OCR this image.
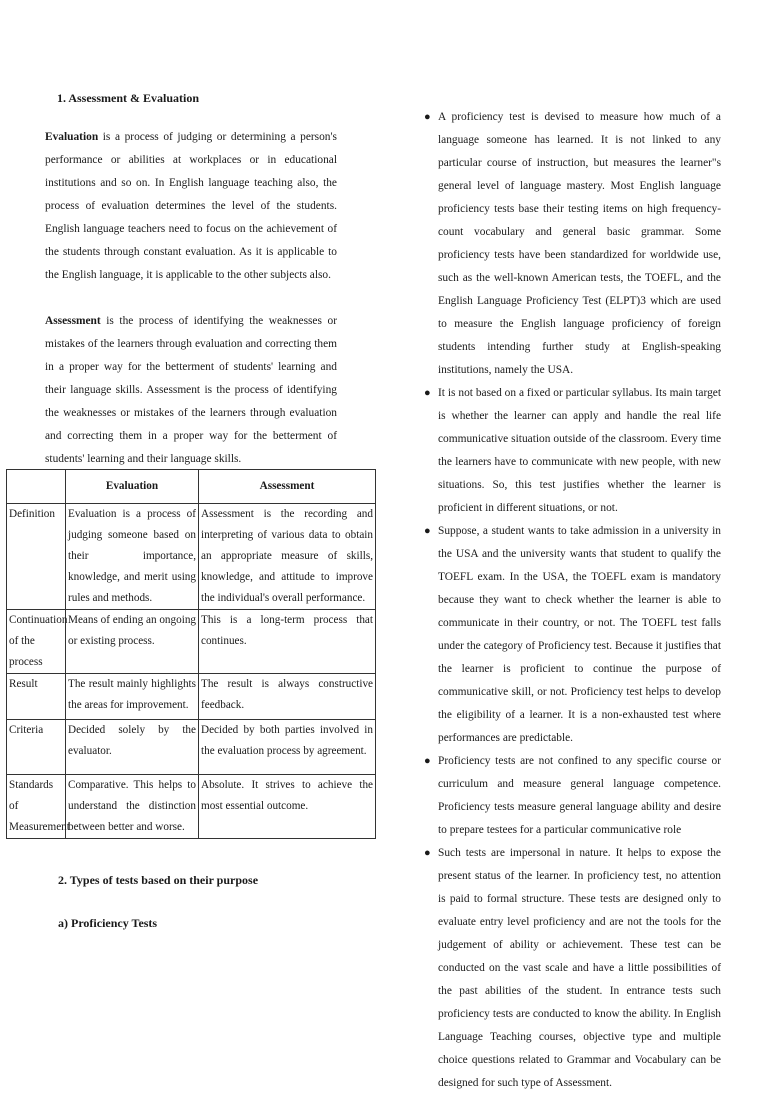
1. Assessment & Evaluation

Evaluation is a process of judging or determining a person's performance or abilities at workplaces or in educational institutions and so on. In English language teaching also, the process of evaluation determines the level of the students. English language teachers need to focus on the achievement of the students through constant evaluation. As it is applicable to the English language, it is applicable to the other subjects also.

Assessment is the process of identifying the weaknesses or mistakes of the learners through evaluation and correcting them in a proper way for the betterment of students' learning and their language skills. Assessment is the process of identifying the weaknesses or mistakes of the learners through evaluation and correcting them in a proper way for the betterment of students' learning and their language skills.

	Evaluation	Assessment
Definition	Evaluation is a process of judging someone based on their importance, knowledge, and merit using rules and methods.	Assessment is the recording and interpreting of various data to obtain an appropriate measure of skills, knowledge, and attitude to improve the individual's overall performance.
Continuation of the process	Means of ending an ongoing or existing process.	This is a long-term process that continues.
Result	The result mainly highlights the areas for improvement.	The result is always constructive feedback.
Criteria	Decided solely by the evaluator.	Decided by both parties involved in the evaluation process by agreement.
Standards of Measurement	Comparative. This helps to understand the distinction between better and worse.	Absolute. It strives to achieve the most essential outcome.
2. Types of tests based on their purpose
a) Proficiency Tests
● A proficiency test is devised to measure how much of a language someone has learned. It is not linked to any particular course of instruction, but measures the learner"s general level of language mastery. Most English language proficiency tests base their testing items on high frequency-count vocabulary and general basic grammar. Some proficiency tests have been standardized for worldwide use, such as the well-known American tests, the TOEFL, and the English Language Proficiency Test (ELPT)3 which are used to measure the English language proficiency of foreign students intending further study at English-speaking institutions, namely the USA.
● It is not based on a fixed or particular syllabus. Its main target is whether the learner can apply and handle the real life communicative situation outside of the classroom. Every time the learners have to communicate with new people, with new situations. So, this test justifies whether the learner is proficient in different situations, or not.
● Suppose, a student wants to take admission in a university in the USA and the university wants that student to qualify the TOEFL exam. In the USA, the TOEFL exam is mandatory because they want to check whether the learner is able to communicate in their country, or not. The TOEFL test falls under the category of Proficiency test. Because it justifies that the learner is proficient to continue the purpose of communicative skill, or not. Proficiency test helps to develop the eligibility of a learner. It is a non-exhausted test where performances are predictable.
● Proficiency tests are not confined to any specific course or curriculum and measure general language competence. Proficiency tests measure general language ability and desire to prepare testees for a particular communicative role
● Such tests are impersonal in nature. It helps to expose the present status of the learner. In proficiency test, no attention is paid to formal structure. These tests are designed only to evaluate entry level proficiency and are not the tools for the judgement of ability or achievement. These test can be conducted on the vast scale and have a little possibilities of the past abilities of the student. In entrance tests such proficiency tests are conducted to know the ability. In English Language Teaching courses, objective type and multiple choice questions related to Grammar and Vocabulary can be designed for such type of Assessment.
